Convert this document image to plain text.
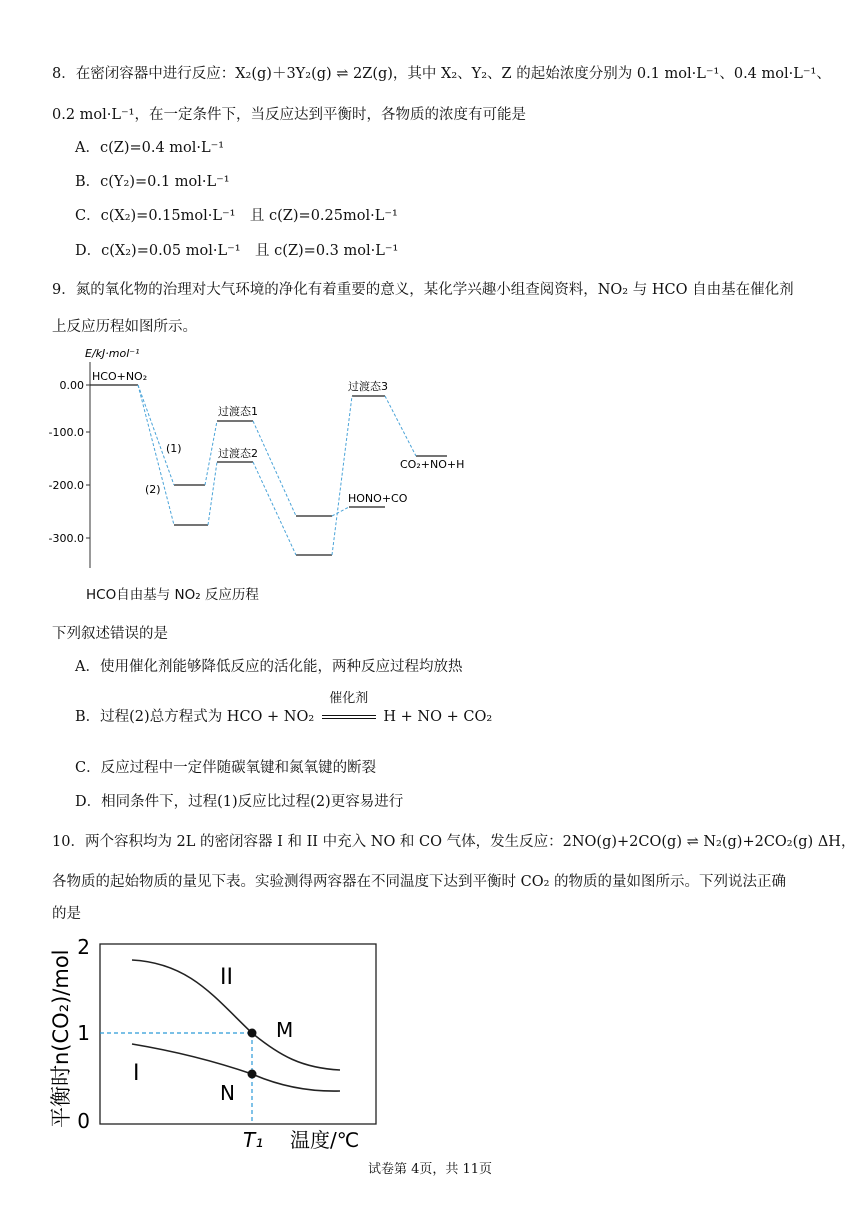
8．在密闭容器中进行反应：X₂(g)＋3Y₂(g) ⇌ 2Z(g)，其中 X₂、Y₂、Z 的起始浓度分别为 0.1 mol·L⁻¹、0.4 mol·L⁻¹、
0.2 mol·L⁻¹，在一定条件下，当反应达到平衡时，各物质的浓度有可能是
A．c(Z)=0.4 mol·L⁻¹
B．c(Y₂)=0.1 mol·L⁻¹
C．c(X₂)=0.15mol·L⁻¹　且 c(Z)=0.25mol·L⁻¹
D．c(X₂)=0.05 mol·L⁻¹　且 c(Z)=0.3 mol·L⁻¹
9．氮的氧化物的治理对大气环境的净化有着重要的意义，某化学兴趣小组查阅资料，NO₂ 与 HCO 自由基在催化剂
上反应历程如图所示。
E/kJ·mol⁻¹
0.00
-100.0
-200.0
-300.0
HCO+NO₂
过渡态1
过渡态2
过渡态3
(1)
(2)
HONO+CO
CO₂+NO+H
HCO自由基与 NO₂ 反应历程
下列叙述错误的是
A．使用催化剂能够降低反应的活化能，两种反应过程均放热
B．过程(2)总方程式为 HCO + NO₂
催化剂
H + NO + CO₂
C．反应过程中一定伴随碳氧键和氮氧键的断裂
D．相同条件下，过程(1)反应比过程(2)更容易进行
10．两个容积均为 2L 的密闭容器 I 和 II 中充入 NO 和 CO 气体，发生反应：2NO(g)+2CO(g) ⇌ N₂(g)+2CO₂(g) ΔH，
各物质的起始物质的量见下表。实验测得两容器在不同温度下达到平衡时 CO₂ 的物质的量如图所示。下列说法正确
的是
平衡时n(CO₂)/mol
2
1
0
II
I
M
N
T₁ 温度/℃
试卷第 4页，共 11页
